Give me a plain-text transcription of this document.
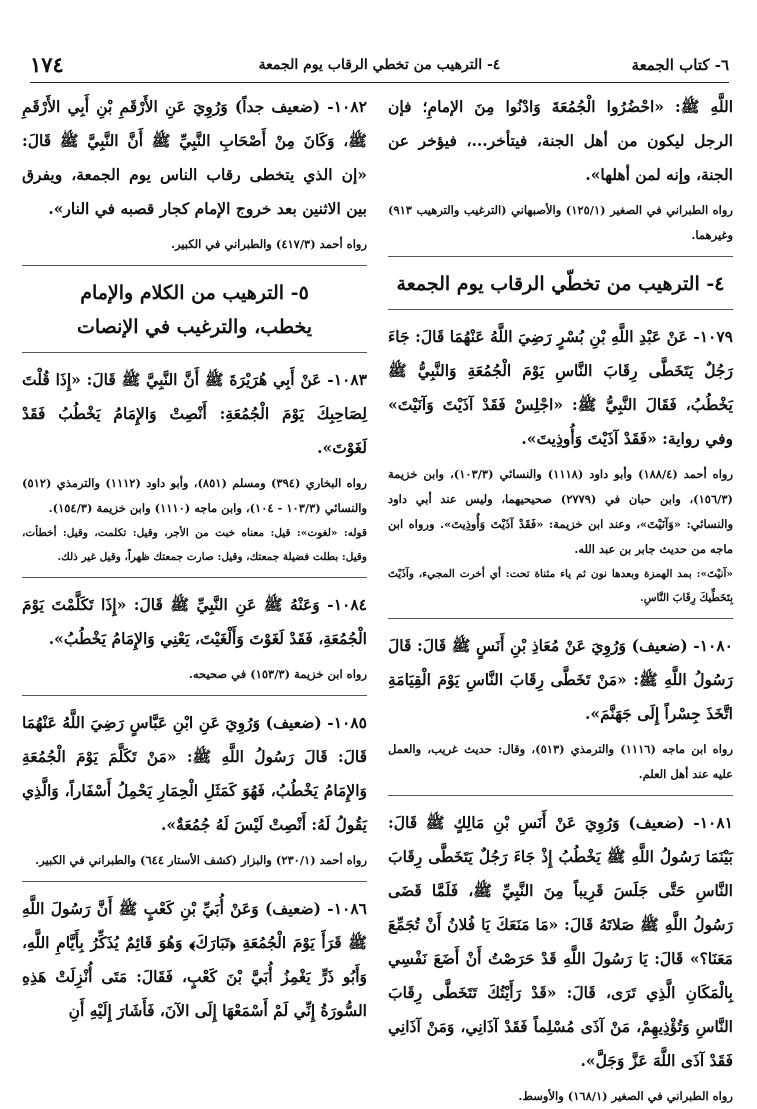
٦- كتاب الجمعة
٤- الترهيب من تخطي الرقاب يوم الجمعة
١٧٤

اللَّهِ ﷺ: «احْضُرُوا الْجُمُعَةَ وَادْنُوا مِنَ الإمامِ؛ فإن الرجل ليكون من أهل الجنة، فيتأخر...، فيؤخر عن الجنة، وإنه لمن أهلها».

رواه الطبراني في الصغير (١٢٥/١) والأصبهاني (الترغيب والترهيب ٩١٣) وغيرهما.

٤- الترهيب من تخطّي الرقاب يوم الجمعة

١٠٧٩- عَنْ عَبْدِ اللَّهِ بْنِ بُسْرٍ رَضِيَ اللَّهُ عَنْهُمَا قَالَ: جَاءَ رَجُلٌ يَتَخَطَّى رِقَابَ النَّاسِ يَوْمَ الْجُمُعَةِ وَالنَّبِيُّ ﷺ يَخْطُبُ، فَقَالَ النَّبِيُّ ﷺ: «اجْلِسْ فَقَدْ آذَيْتَ وَآنَيْتَ» وفي رواية: «فَقَدْ آذَيْتَ وَأُوذِيتَ».

رواه أحمد (١٨٨/٤) وأبو داود (١١١٨) والنسائي (١٠٣/٣)، وابن خزيمة (١٥٦/٣)، وابن حبان في (٢٧٧٩) صحيحيهما، وليس عند أبي داود والنسائي: «وَآنَيْتَ»، وعند ابن خزيمة: «فَقَدْ آذَيْتَ وَأُوذِيتَ». ورواه ابن ماجه من حديث جابر بن عبد الله.

«آنيْتَ»: بمد الهمزة وبعدها نون ثم ياء مثناة تحت: أي أخرت المجيء، وآذَيْتَ بِتَخَطِّيكَ رِقَابَ النَّاسِ.

١٠٨٠- (ضعيف) وَرُوِيَ عَنْ مُعَاذِ بْنِ أَنَسٍ ﷺ قَالَ: قَالَ رَسُولُ اللَّهِ ﷺ: «مَنْ تَخَطَّى رِقَابَ النَّاسِ يَوْمَ الْقِيَامَةِ اتَّخَذَ جِسْراً إِلَى جَهَنَّمَ».

رواه ابن ماجه (١١١٦) والترمذي (٥١٣)، وقال: حديث غريب، والعمل عليه عند أهل العلم.

١٠٨١- (ضعيف) وَرُوِيَ عَنْ أَنَسِ بْنِ مَالِكٍ ﷺ قَالَ: بَيْنَمَا رَسُولُ اللَّهِ ﷺ يَخْطُبُ إِذْ جَاءَ رَجُلٌ يَتَخَطَّى رِقَابَ النَّاسِ حَتَّى جَلَسَ قَرِيباً مِنَ النَّبِيِّ ﷺ، فَلَمَّا قَضَى رَسُولُ اللَّهِ ﷺ صَلاتَهُ قَالَ: «مَا مَنَعَكَ يَا فُلانُ أَنْ تُجَمِّعَ مَعَنَا؟» قَالَ: يَا رَسُولَ اللَّهِ قَدْ حَرَصْتُ أَنْ أَضَعَ نَفْسِي بِالْمَكَانِ الَّذِي تَرَى، قَالَ: «قَدْ رَأَيْتُكَ تَتَخَطَّى رِقَابَ النَّاسِ وَتُؤْذِيهِمْ، مَنْ آذَى مُسْلِماً فَقَدْ آذَانِي، وَمَنْ آذَانِي فَقَدْ آذَى اللَّهَ عَزَّ وَجَلَّ».

رواه الطبراني في الصغير (١٦٨/١) والأوسط.

١٠٨٢- (ضعيف جداً) وَرُوِيَ عَنِ الأَرْقَمِ بْنِ أَبِي الأَرْقَمِ ﷺ، وَكَانَ مِنْ أَصْحَابِ النَّبِيِّ ﷺ أَنَّ النَّبِيَّ ﷺ قَالَ: «إن الذي يتخطى رقاب الناس يوم الجمعة، ويفرق بين الاثنين بعد خروج الإمام كجار قصبه في النار».

رواه أحمد (٤١٧/٣) والطبراني في الكبير.

٥- الترهيب من الكلام والإمام

يخطب، والترغيب في الإنصات

١٠٨٣- عَنْ أَبِي هُرَيْرَةَ ﷺ أَنَّ النَّبِيَّ ﷺ قَالَ: «إِذَا قُلْتَ لِصَاحِبِكَ يَوْمَ الْجُمُعَةِ: أَنْصِتْ وَالإِمَامُ يَخْطُبُ فَقَدْ لَغَوْتَ».

رواه البخاري (٣٩٤) ومسلم (٨٥١)، وأبو داود (١١١٢) والترمذي (٥١٢) والنسائي (١٠٣/٣ - ١٠٤)، وابن ماجه (١١١٠) وابن خزيمة (١٥٤/٣).

قوله: «لغوت»: قيل: معناه خبت من الأجر، وقيل: تكلمت، وقيل: أخطأت، وقيل: بطلت فضيلة جمعتك، وقيل: صارت جمعتك ظهراً، وقيل غير ذلك.

١٠٨٤- وَعَنْهُ ﷺ عَنِ النَّبِيِّ ﷺ قَالَ: «إِذَا تَكَلَّمْتَ يَوْمَ الْجُمُعَةِ، فَقَدْ لَغَوْتَ وَأَلْغَيْتَ، يَعْنِي وَالإِمَامُ يَخْطُبُ».

رواه ابن خزيمة (١٥٣/٣) في صحيحه.

١٠٨٥- (ضعيف) وَرُوِيَ عَنِ ابْنِ عَبَّاسٍ رَضِيَ اللَّهُ عَنْهُمَا قَالَ: قَالَ رَسُولُ اللَّهِ ﷺ: «مَنْ تَكَلَّمَ يَوْمَ الْجُمُعَةِ وَالإِمَامُ يَخْطُبُ، فَهُوَ كَمَثَلِ الْحِمَارِ يَحْمِلُ أَسْفَاراً، وَالَّذِي يَقُولُ لَهُ: أَنْصِتْ لَيْسَ لَهُ جُمُعَةٌ».

رواه أحمد (٢٣٠/١) والبزار (كشف الأستار ٦٤٤) والطبراني في الكبير.

١٠٨٦- (ضعيف) وَعَنْ أُبَيِّ بْنِ كَعْبٍ ﷺ أَنَّ رَسُولَ اللَّهِ ﷺ قَرَأَ يَوْمَ الْجُمُعَةِ ﴿تَبَارَكَ﴾ وَهُوَ قَائِمٌ يُذَكِّرُ بِأَيَّامِ اللَّهِ، وَأَبُو ذَرٍّ يَغْمِزُ أُبَيَّ بْنَ كَعْبٍ، فَقَالَ: مَتَى أُنْزِلَتْ هَذِهِ السُّورَةُ إِنِّي لَمْ أَسْمَعْهَا إِلَى الآنَ، فَأَشَارَ إِلَيْهِ أَنِ
